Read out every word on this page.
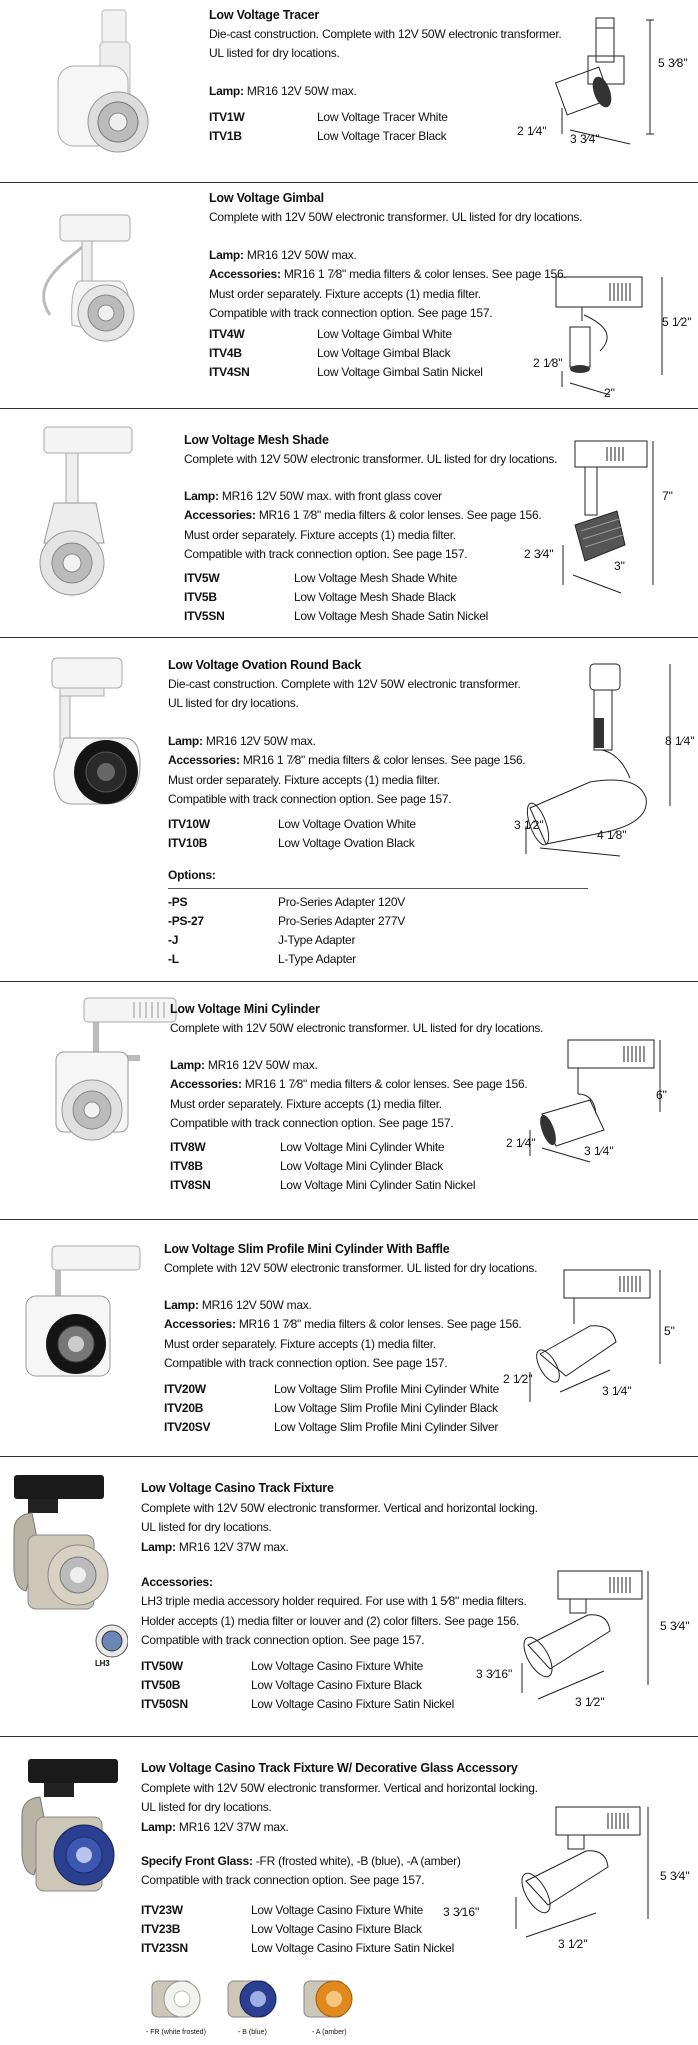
Low Voltage Tracer
Die-cast construction. Complete with 12V 50W electronic transformer.
UL listed for dry locations.
Lamp: MR16 12V 50W max.
ITV1W	Low Voltage Tracer White
ITV1B	Low Voltage Tracer Black
5 3⁄8"
2 1⁄4"
3 3⁄4"
Low Voltage Gimbal
Complete with 12V 50W electronic transformer. UL listed for dry locations.
Lamp: MR16 12V 50W max.
Accessories: MR16 1 7⁄8" media filters & color lenses. See page 156.
Must order separately. Fixture accepts (1) media filter.
Compatible with track connection option. See page 157.
ITV4W	Low Voltage Gimbal White
ITV4B	Low Voltage Gimbal Black
ITV4SN	Low Voltage Gimbal Satin Nickel
5 1⁄2"
2 1⁄8"
2"
Low Voltage Mesh Shade
Complete with 12V 50W electronic transformer. UL listed for dry locations.
Lamp: MR16 12V 50W max. with front glass cover
Accessories: MR16 1 7⁄8" media filters & color lenses. See page 156.
Must order separately. Fixture accepts (1) media filter.
Compatible with track connection option. See page 157.
ITV5W	Low Voltage Mesh Shade White
ITV5B	Low Voltage Mesh Shade Black
ITV5SN	Low Voltage Mesh Shade Satin Nickel
7"
2 3⁄4"
3"
Low Voltage Ovation Round Back
Die-cast construction. Complete with 12V 50W electronic transformer.
UL listed for dry locations.
Lamp: MR16 12V 50W max.
Accessories: MR16 1 7⁄8" media filters & color lenses. See page 156.
Must order separately. Fixture accepts (1) media filter.
Compatible with track connection option. See page 157.
ITV10W	Low Voltage Ovation White
ITV10B	Low Voltage Ovation Black
Options:
-PS	Pro-Series Adapter 120V
-PS-27	Pro-Series Adapter 277V
-J	J-Type Adapter
-L	L-Type Adapter
8 1⁄4"
3 1⁄2"
4 1⁄8"
Low Voltage Mini Cylinder
Complete with 12V 50W electronic transformer. UL listed for dry locations.
Lamp: MR16 12V 50W max.
Accessories: MR16 1 7⁄8" media filters & color lenses. See page 156.
Must order separately. Fixture accepts (1) media filter.
Compatible with track connection option. See page 157.
ITV8W	Low Voltage Mini Cylinder White
ITV8B	Low Voltage Mini Cylinder Black
ITV8SN	Low Voltage Mini Cylinder Satin Nickel
6"
2 1⁄4"
3 1⁄4"
Low Voltage Slim Profile Mini Cylinder With Baffle
Complete with 12V 50W electronic transformer. UL listed for dry locations.
Lamp: MR16 12V 50W max.
Accessories: MR16 1 7⁄8" media filters & color lenses. See page 156.
Must order separately. Fixture accepts (1) media filter.
Compatible with track connection option. See page 157.
ITV20W	Low Voltage Slim Profile Mini Cylinder White
ITV20B	Low Voltage Slim Profile Mini Cylinder Black
ITV20SV	Low Voltage Slim Profile Mini Cylinder Silver
5"
2 1⁄2"
3 1⁄4"
LH3
Low Voltage Casino Track Fixture
Complete with 12V 50W electronic transformer. Vertical and horizontal locking.
UL listed for dry locations.
Lamp: MR16 12V 37W max.
Accessories:
LH3 triple media accessory holder required. For use with 1 5⁄8" media filters.
Holder accepts (1) media filter or louver and (2) color filters. See page 156.
Compatible with track connection option. See page 157.
ITV50W	Low Voltage Casino Fixture White
ITV50B	Low Voltage Casino Fixture Black
ITV50SN	Low Voltage Casino Fixture Satin Nickel
5 3⁄4"
3 3⁄16"
3 1⁄2"
Low Voltage Casino Track Fixture W/ Decorative Glass Accessory
Complete with 12V 50W electronic transformer. Vertical and horizontal locking.
UL listed for dry locations.
Lamp: MR16 12V 37W max.
Specify Front Glass: -FR (frosted white), -B (blue), -A (amber)
Compatible with track connection option. See page 157.
ITV23W	Low Voltage Casino Fixture White
ITV23B	Low Voltage Casino Fixture Black
ITV23SN	Low Voltage Casino Fixture Satin Nickel
- FR (white frosted)	- B (blue)	- A (amber)
5 3⁄4"
3 3⁄16"
3 1⁄2"
